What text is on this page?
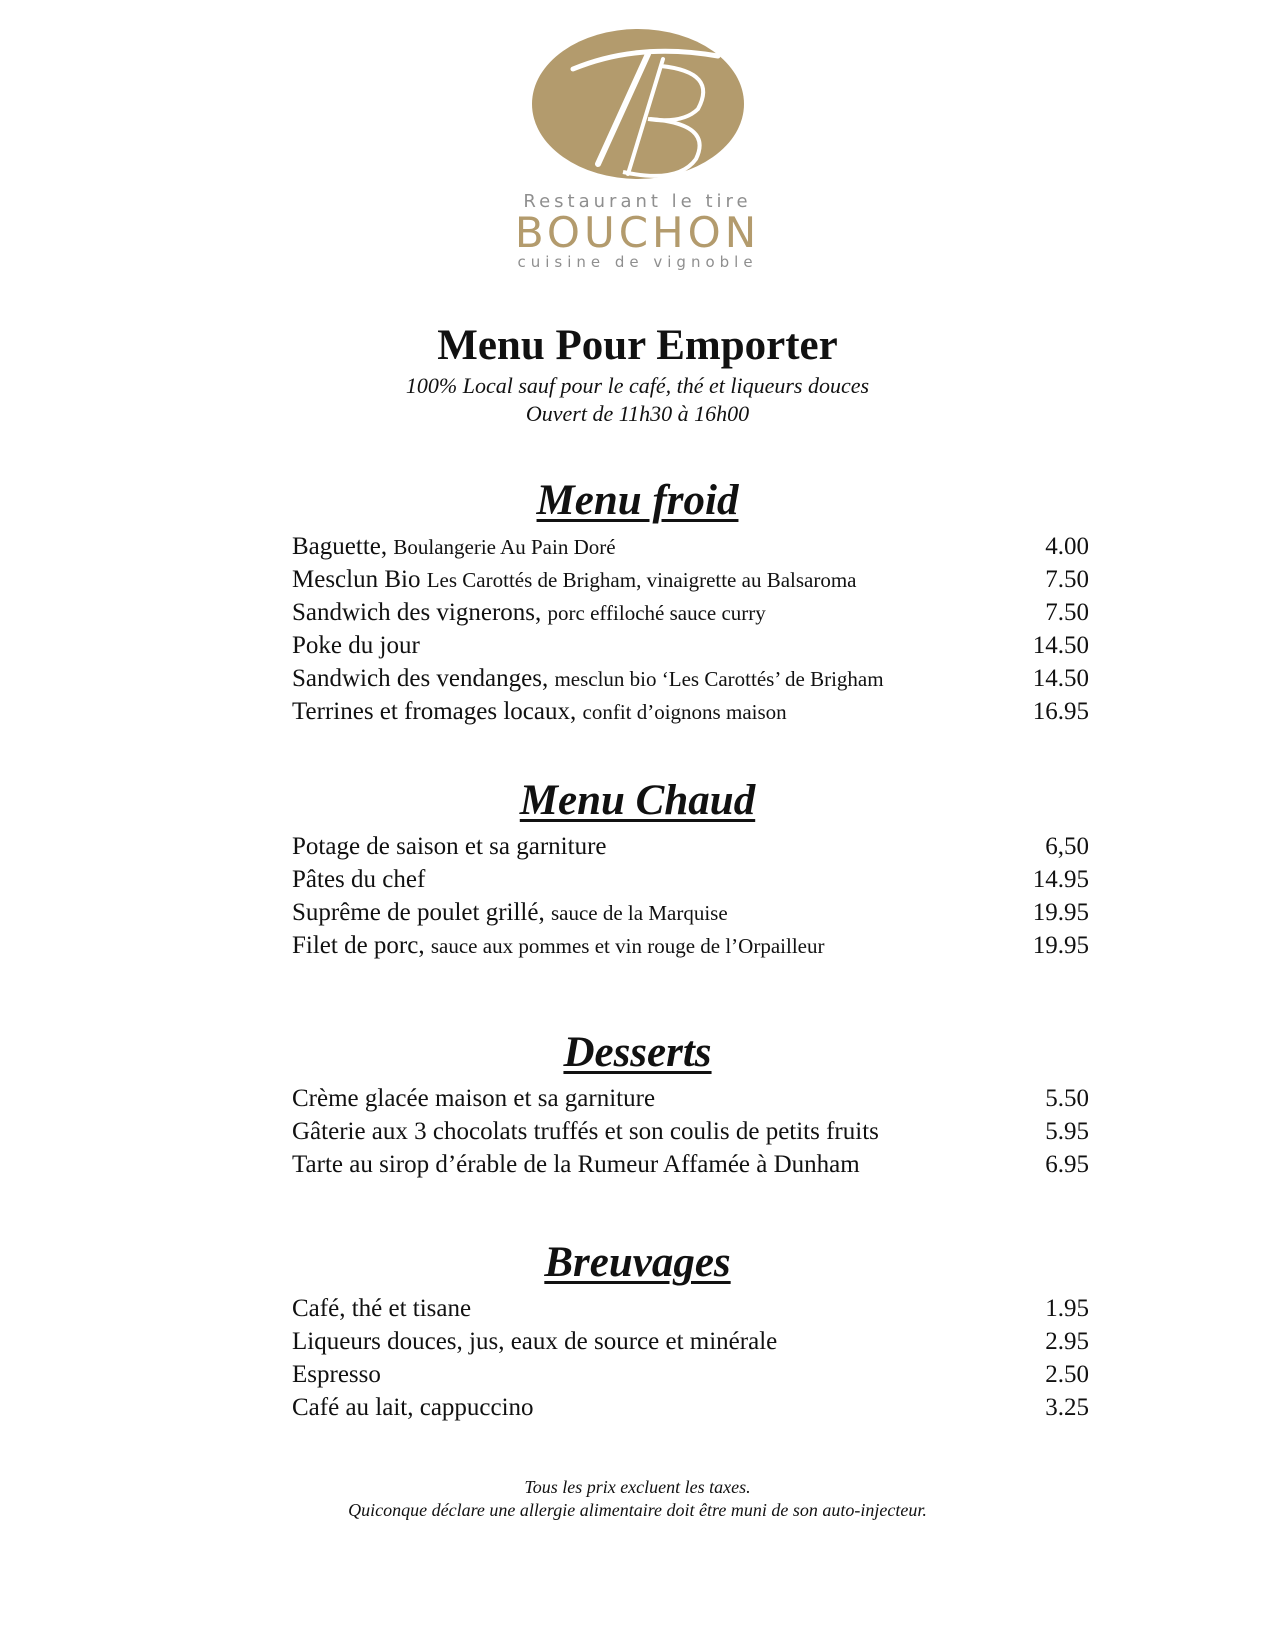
Restaurant le tire
BOUCHON
cuisine de vignoble

Menu Pour Emporter

100% Local sauf pour le café, thé et liqueurs douces

Ouvert de 11h30 à 16h00

Menu froid
Baguette, Boulangerie Au Pain Doré	4.00
Mesclun Bio Les Carottés de Brigham, vinaigrette au Balsaroma	7.50
Sandwich des vignerons, porc effiloché sauce curry	7.50
Poke du jour	14.50
Sandwich des vendanges, mesclun bio ‘Les Carottés’ de Brigham	14.50
Terrines et fromages locaux, confit d’oignons maison	16.95
Menu Chaud
Potage de saison et sa garniture	6,50
Pâtes du chef	14.95
Suprême de poulet grillé, sauce de la Marquise	19.95
Filet de porc, sauce aux pommes et vin rouge de l’Orpailleur	19.95
Desserts
Crème glacée maison et sa garniture	5.50
Gâterie aux 3 chocolats truffés et son coulis de petits fruits	5.95
Tarte au sirop d’érable de la Rumeur Affamée à Dunham	6.95
Breuvages
Café, thé et tisane	1.95
Liqueurs douces, jus, eaux de source et minérale	2.95
Espresso	2.50
Café au lait, cappuccino	3.25
Tous les prix excluent les taxes.
Quiconque déclare une allergie alimentaire doit être muni de son auto-injecteur.
